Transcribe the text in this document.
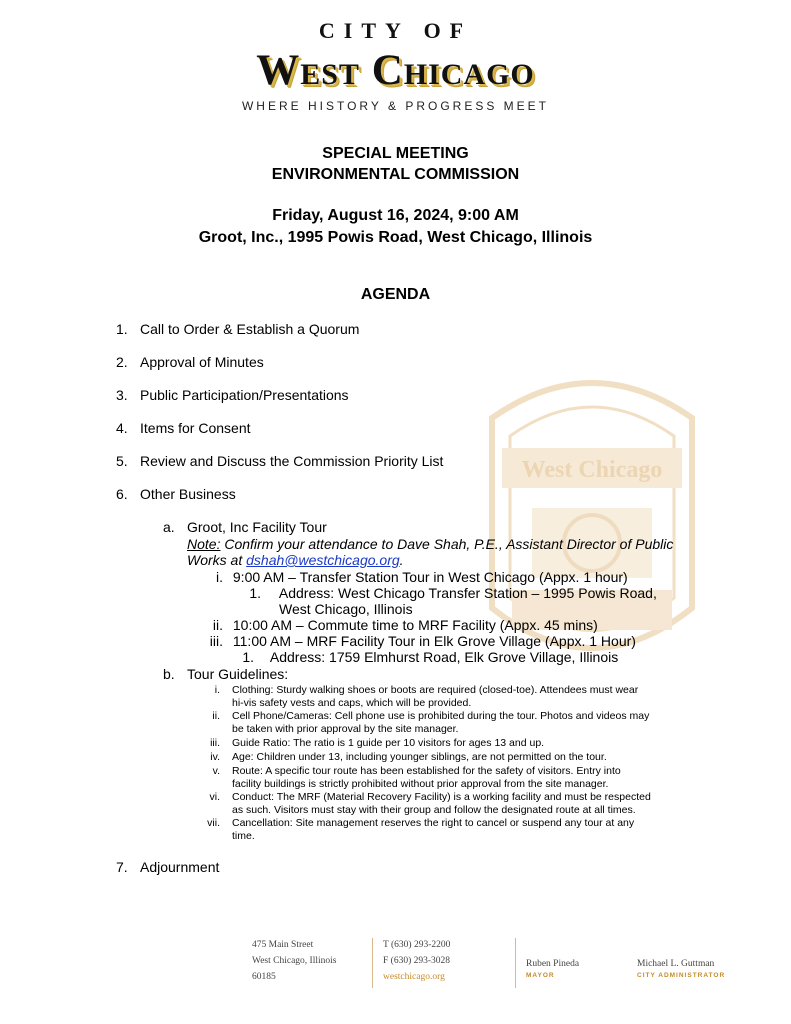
West Chicago
CITY OF
West Chicago
WHERE HISTORY & PROGRESS MEET
SPECIAL MEETING
ENVIRONMENTAL COMMISSION
Friday, August 16, 2024, 9:00 AM
Groot, Inc., 1995 Powis Road, West Chicago, Illinois
AGENDA
1. Call to Order & Establish a Quorum
2. Approval of Minutes
3. Public Participation/Presentations
4. Items for Consent
5. Review and Discuss the Commission Priority List
6. Other Business
a. Groot, Inc Facility Tour
Note: Confirm your attendance to Dave Shah, P.E., Assistant Director of Public
Works at dshah@westchicago.org.
i. 9:00 AM – Transfer Station Tour in West Chicago (Appx. 1 hour)
1. Address: West Chicago Transfer Station – 1995 Powis Road,
West Chicago, Illinois
ii. 10:00 AM – Commute time to MRF Facility (Appx. 45 mins)
iii. 11:00 AM – MRF Facility Tour in Elk Grove Village (Appx. 1 Hour)
1. Address: 1759 Elmhurst Road, Elk Grove Village, Illinois
b. Tour Guidelines:
i. Clothing: Sturdy walking shoes or boots are required (closed-toe). Attendees must wear
hi-vis safety vests and caps, which will be provided.
ii. Cell Phone/Cameras: Cell phone use is prohibited during the tour. Photos and videos may
be taken with prior approval by the site manager.
iii. Guide Ratio: The ratio is 1 guide per 10 visitors for ages 13 and up.
iv. Age: Children under 13, including younger siblings, are not permitted on the tour.
v. Route: A specific tour route has been established for the safety of visitors. Entry into
facility buildings is strictly prohibited without prior approval from the site manager.
vi. Conduct: The MRF (Material Recovery Facility) is a working facility and must be respected
as such. Visitors must stay with their group and follow the designated route at all times.
vii. Cancellation: Site management reserves the right to cancel or suspend any tour at any
time.
7. Adjournment
475 Main Street
West Chicago, Illinois
60185
T (630) 293-2200
F (630) 293-3028
westchicago.org
Ruben Pineda
MAYOR
Michael L. Guttman
CITY ADMINISTRATOR
